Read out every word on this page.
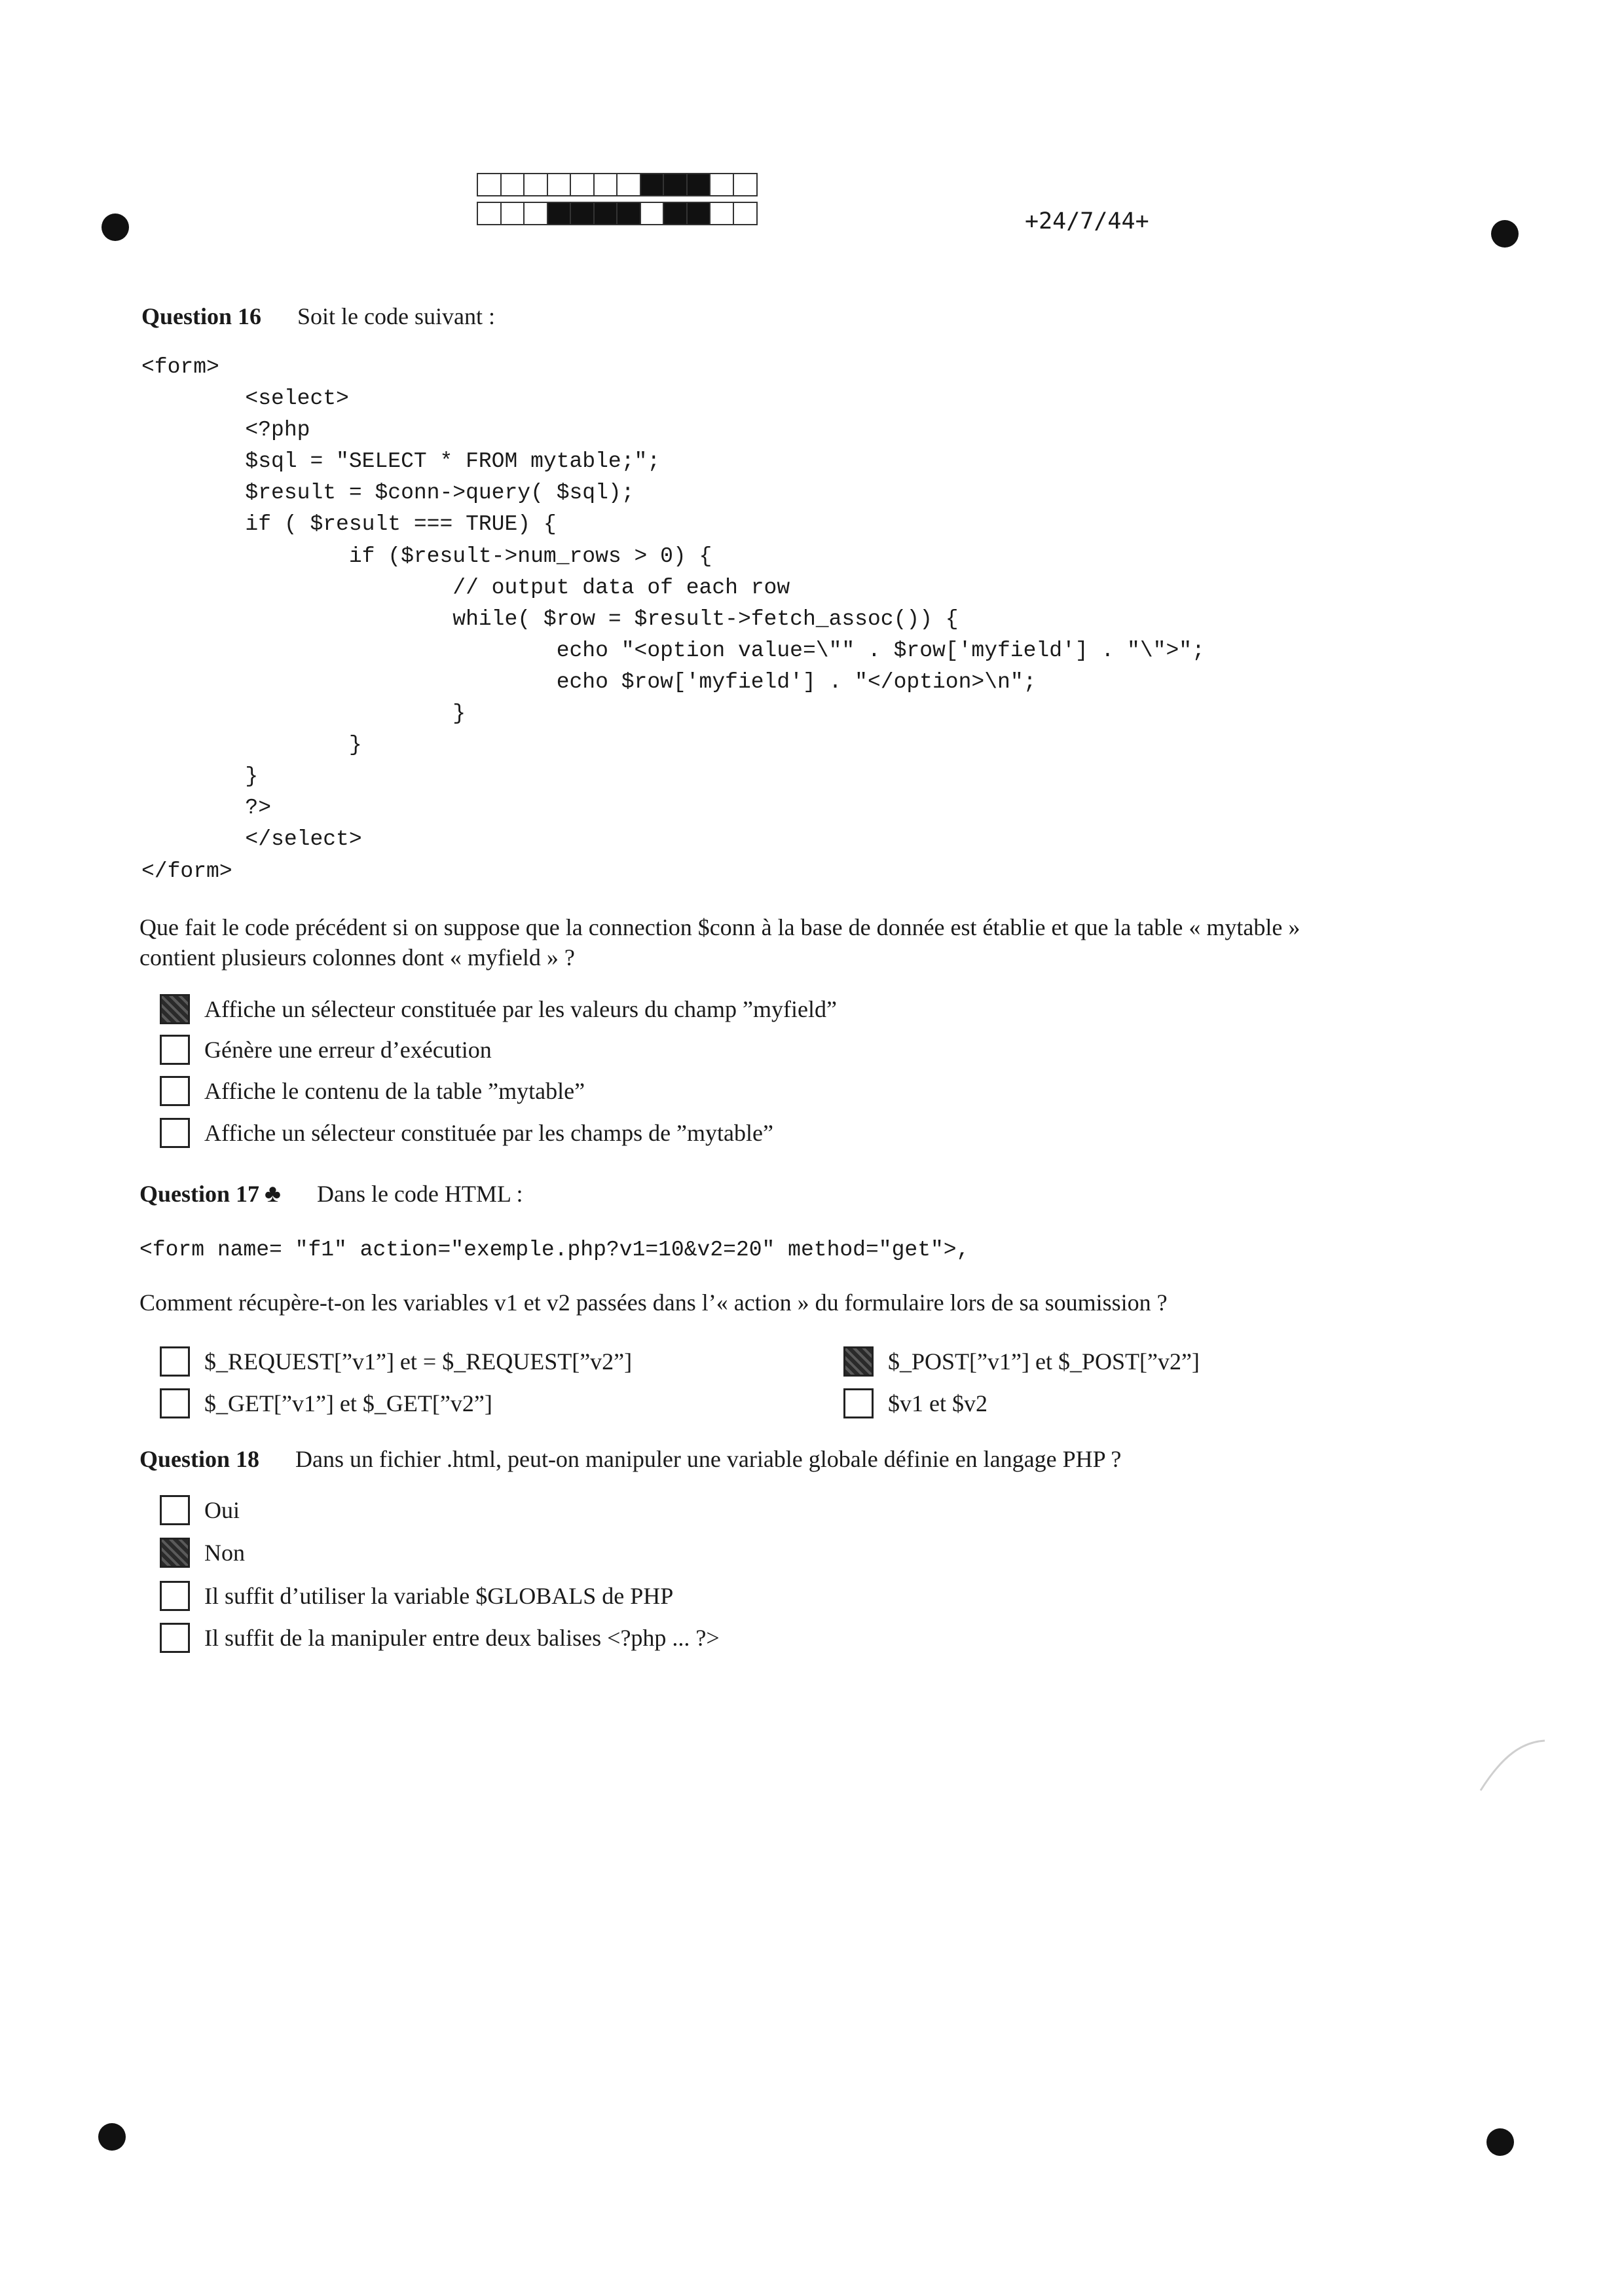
+24/7/44+
Question 16 Soit le code suivant :
<form>
<select>
<?php
$sql = "SELECT * FROM mytable;";
$result = $conn->query( $sql);
if ( $result === TRUE) {
if ($result->num_rows > 0) {
// output data of each row
while( $row = $result->fetch_assoc()) {
echo "<option value=\"" . $row['myfield'] . "\">";
echo $row['myfield'] . "</option>\n";
}
}
}
?>
</select>
</form>
Que fait le code précédent si on suppose que la connection $conn à la base de donnée est établie et que la table « mytable »
contient plusieurs colonnes dont « myfield » ?
Affiche un sélecteur constituée par les valeurs du champ ”myfield”
Génère une erreur d’exécution
Affiche le contenu de la table ”mytable”
Affiche un sélecteur constituée par les champs de ”mytable”
Question 17 ♣ Dans le code HTML :
<form name= "f1" action="exemple.php?v1=10&v2=20" method="get">,
Comment récupère-t-on les variables v1 et v2 passées dans l’« action » du formulaire lors de sa soumission ?
$_REQUEST[”v1”] et = $_REQUEST[”v2”]	$_POST[”v1”] et $_POST[”v2”]
$_GET[”v1”] et $_GET[”v2”]	$v1 et $v2
Question 18 Dans un fichier .html, peut-on manipuler une variable globale définie en langage PHP ?
Oui
Non
Il suffit d’utiliser la variable $GLOBALS de PHP
Il suffit de la manipuler entre deux balises <?php ... ?>
